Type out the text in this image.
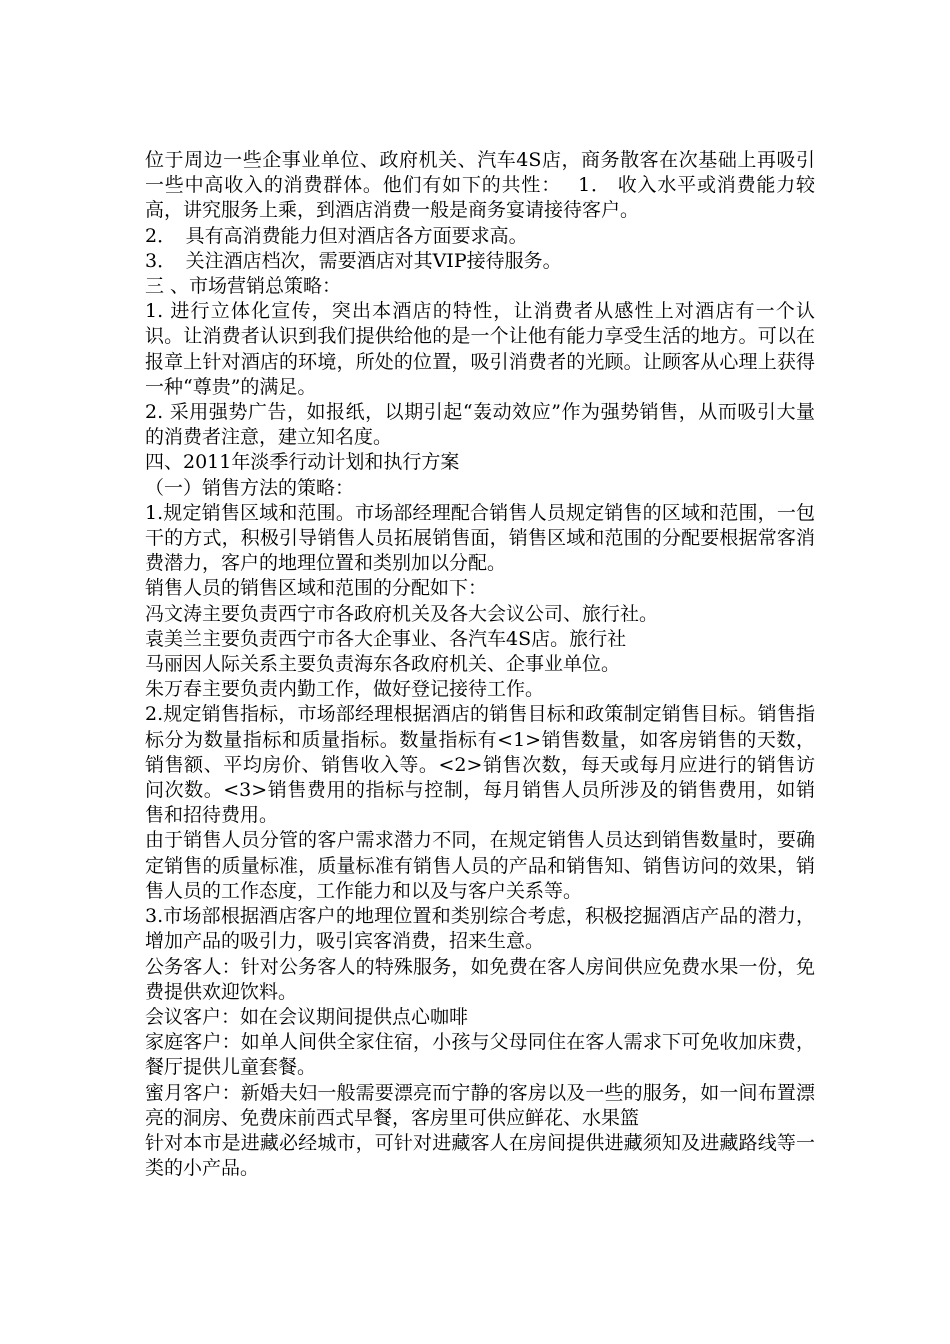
位于周边一些企事业单位、政府机关、汽车4S店，商务散客在次基础上再吸引一些中高收入的消费群体。他们有如下的共性：　 1． 收入水平或消费能力较高，讲究服务上乘，到酒店消费一般是商务宴请接待客户。

2．　具有高消费能力但对酒店各方面要求高。

3．　关注酒店档次，需要酒店对其VIP接待服务。

三 、市场营销总策略：

1. 进行立体化宣传，突出本酒店的特性，让消费者从感性上对酒店有一个认识。让消费者认识到我们提供给他的是一个让他有能力享受生活的地方。可以在报章上针对酒店的环境，所处的位置，吸引消费者的光顾。让顾客从心理上获得一种“尊贵”的满足。

2. 采用强势广告，如报纸，以期引起“轰动效应”作为强势销售，从而吸引大量的消费者注意，建立知名度。

四、2011年淡季行动计划和执行方案

（一）销售方法的策略：

1.规定销售区域和范围。市场部经理配合销售人员规定销售的区域和范围，一包干的方式，积极引导销售人员拓展销售面，销售区域和范围的分配要根据常客消费潜力，客户的地理位置和类别加以分配。

销售人员的销售区域和范围的分配如下：

冯文涛主要负责西宁市各政府机关及各大会议公司、旅行社。

袁美兰主要负责西宁市各大企事业、各汽车4S店。旅行社

马丽因人际关系主要负责海东各政府机关、企事业单位。

朱万春主要负责内勤工作，做好登记接待工作。

2.规定销售指标，市场部经理根据酒店的销售目标和政策制定销售目标。销售指标分为数量指标和质量指标。数量指标有<1>销售数量，如客房销售的天数，销售额、平均房价、销售收入等。<2>销售次数，每天或每月应进行的销售访问次数。<3>销售费用的指标与控制，每月销售人员所涉及的销售费用，如销售和招待费用。

由于销售人员分管的客户需求潜力不同，在规定销售人员达到销售数量时，要确定销售的质量标准，质量标准有销售人员的产品和销售知、销售访问的效果，销售人员的工作态度，工作能力和以及与客户关系等。

3.市场部根据酒店客户的地理位置和类别综合考虑，积极挖掘酒店产品的潜力，增加产品的吸引力，吸引宾客消费，招来生意。

公务客人：针对公务客人的特殊服务，如免费在客人房间供应免费水果一份，免费提供欢迎饮料。

会议客户：如在会议期间提供点心咖啡

家庭客户：如单人间供全家住宿，小孩与父母同住在客人需求下可免收加床费，餐厅提供儿童套餐。

蜜月客户：新婚夫妇一般需要漂亮而宁静的客房以及一些的服务，如一间布置漂亮的洞房、免费床前西式早餐，客房里可供应鲜花、水果篮

针对本市是进藏必经城市，可针对进藏客人在房间提供进藏须知及进藏路线等一类的小产品。
